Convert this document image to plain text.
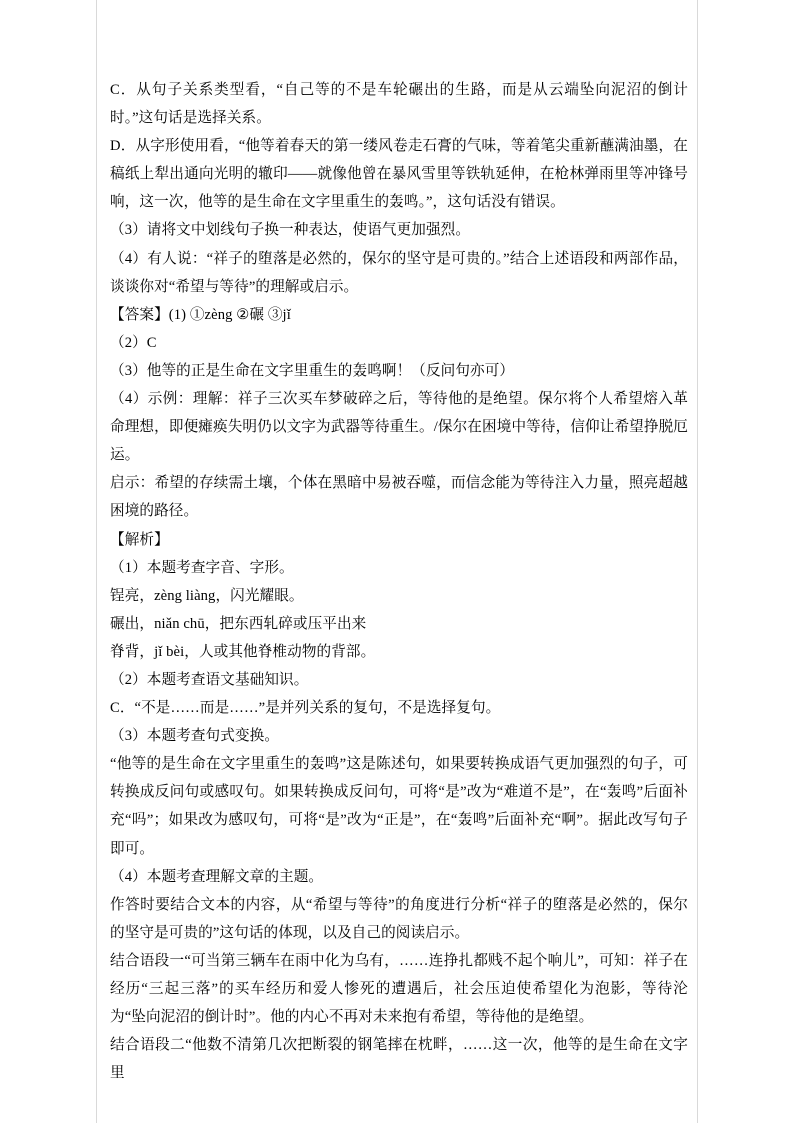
C．从句子关系类型看，“自己等的不是车轮碾出的生路，而是从云端坠向泥沼的倒计时。”这句话是选择关系。

D．从字形使用看，“他等着春天的第一缕风卷走石膏的气味，等着笔尖重新蘸满油墨，在稿纸上犁出通向光明的辙印——就像他曾在暴风雪里等铁轨延伸，在枪林弹雨里等冲锋号响，这一次，他等的是生命在文字里重生的轰鸣。”，这句话没有错误。

（3）请将文中划线句子换一种表达，使语气更加强烈。

（4）有人说：“祥子的堕落是必然的，保尔的坚守是可贵的。”结合上述语段和两部作品，谈谈你对“希望与等待”的理解或启示。

【答案】(1) ①zèng ②碾 ③jǐ

（2）C

（3）他等的正是生命在文字里重生的轰鸣啊！（反问句亦可）

（4）示例：理解：祥子三次买车梦破碎之后，等待他的是绝望。保尔将个人希望熔入革命理想，即便瘫痪失明仍以文字为武器等待重生。/保尔在困境中等待，信仰让希望挣脱厄运。

启示：希望的存续需土壤，个体在黑暗中易被吞噬，而信念能为等待注入力量，照亮超越困境的路径。

【解析】

（1）本题考查字音、字形。

锃亮，zèng liàng，闪光耀眼。

碾出，niǎn chū，把东西轧碎或压平出来

脊背，jǐ bèi，人或其他脊椎动物的背部。

（2）本题考查语文基础知识。

C．“不是……而是……”是并列关系的复句，不是选择复句。

（3）本题考查句式变换。

“他等的是生命在文字里重生的轰鸣”这是陈述句，如果要转换成语气更加强烈的句子，可转换成反问句或感叹句。如果转换成反问句，可将“是”改为“难道不是”，在“轰鸣”后面补充“吗”；如果改为感叹句，可将“是”改为“正是”，在“轰鸣”后面补充“啊”。据此改写句子即可。

（4）本题考查理解文章的主题。

作答时要结合文本的内容，从“希望与等待”的角度进行分析“祥子的堕落是必然的，保尔的坚守是可贵的”这句话的体现，以及自己的阅读启示。

结合语段一“可当第三辆车在雨中化为乌有，……连挣扎都贱不起个响儿”，可知：祥子在经历“三起三落”的买车经历和爱人惨死的遭遇后，社会压迫使希望化为泡影，等待沦为“坠向泥沼的倒计时”。他的内心不再对未来抱有希望，等待他的是绝望。

结合语段二“他数不清第几次把断裂的钢笔摔在枕畔，……这一次，他等的是生命在文字里
